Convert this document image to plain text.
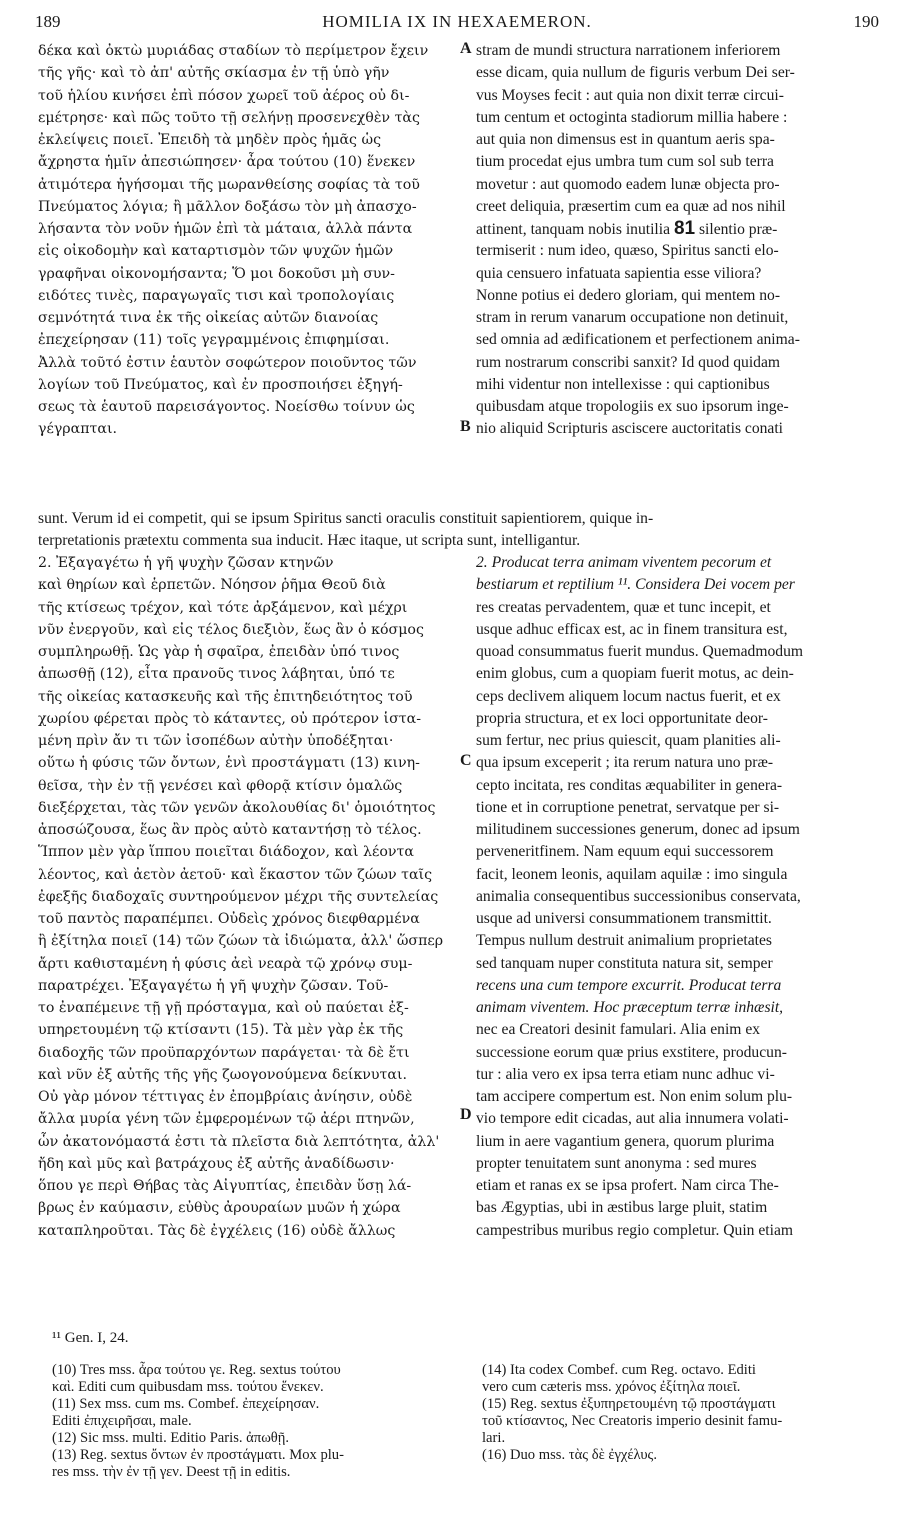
189	HOMILIA IX IN HEXAEMERON.	190
δέκα καὶ ὀκτὼ μυριάδας σταδίων τὸ περίμετρον ἔχειν
τῆς γῆς· καὶ τὸ ἀπ' αὐτῆς σκίασμα ἐν τῇ ὑπὸ γῆν
τοῦ ἡλίου κινήσει ἐπὶ πόσον χωρεῖ τοῦ ἀέρος οὐ δι-
εμέτρησε· καὶ πῶς τοῦτο τῇ σελήνῃ προσενεχθὲν τὰς
ἐκλείψεις ποιεῖ. Ἐπειδὴ τὰ μηδὲν πρὸς ἡμᾶς ὡς
ἄχρηστα ἡμῖν ἀπεσιώπησεν· ἆρα τούτου (10) ἕνεκεν
ἀτιμότερα ἡγήσομαι τῆς μωρανθείσης σοφίας τὰ τοῦ
Πνεύματος λόγια; ἢ μᾶλλον δοξάσω τὸν μὴ ἀπασχο-
λήσαντα τὸν νοῦν ἡμῶν ἐπὶ τὰ μάταια, ἀλλὰ πάντα
εἰς οἰκοδομὴν καὶ καταρτισμὸν τῶν ψυχῶν ἡμῶν
γραφῆναι οἰκονομήσαντα; Ὅ μοι δοκοῦσι μὴ συν-
ειδότες τινὲς, παραγωγαῖς τισι καὶ τροπολογίαις
σεμνότητά τινα ἐκ τῆς οἰκείας αὐτῶν διανοίας
ἐπεχείρησαν (11) τοῖς γεγραμμένοις ἐπιφημίσαι.
Ἀλλὰ τοῦτό ἐστιν ἑαυτὸν σοφώτερον ποιοῦντος τῶν
λογίων τοῦ Πνεύματος, καὶ ἐν προσποιήσει ἐξηγή-
σεως τὰ ἑαυτοῦ παρεισάγοντος. Νοείσθω τοίνυν ὡς
γέγραπται.
stram de mundi structura narrationem inferiorem
esse dicam, quia nullum de figuris verbum Dei ser-
vus Moyses fecit : aut quia non dixit terræ circui-
tum centum et octoginta stadiorum millia habere :
aut quia non dimensus est in quantum aeris spa-
tium procedat ejus umbra tum cum sol sub terra
movetur : aut quomodo eadem lunæ objecta pro-
creet deliquia, præsertim cum ea quæ ad nos nihil
attinent, tanquam nobis inutilia 81 silentio præ-
termiserit : num ideo, quæso, Spiritus sancti elo-
quia censuero infatuata sapientia esse viliora?
Nonne potius ei dedero gloriam, qui mentem no-
stram in rerum vanarum occupatione non detinuit,
sed omnia ad ædificationem et perfectionem anima-
rum nostrarum conscribi sanxit? Id quod quidam
mihi videntur non intellexisse : qui captionibus
quibusdam atque tropologiis ex suo ipsorum inge-
nio aliquid Scripturis asciscere auctoritatis conati
A
B
C
D
sunt. Verum id ei competit, qui se ipsum Spiritus sancti oraculis constituit sapientiorem, quique in-
terpretationis prætextu commenta sua inducit. Hæc itaque, ut scripta sunt, intelligantur.
2. Ἐξαγαγέτω ἡ γῆ ψυχὴν ζῶσαν κτηνῶν
καὶ θηρίων καὶ ἑρπετῶν. Νόησον ῥῆμα Θεοῦ διὰ
τῆς κτίσεως τρέχον, καὶ τότε ἀρξάμενον, καὶ μέχρι
νῦν ἐνεργοῦν, καὶ εἰς τέλος διεξιὸν, ἕως ἂν ὁ κόσμος
συμπληρωθῇ. Ὡς γὰρ ἡ σφαῖρα, ἐπειδὰν ὑπό τινος
ἀπωσθῇ (12), εἶτα πρανοῦς τινος λάβηται, ὑπό τε
τῆς οἰκείας κατασκευῆς καὶ τῆς ἐπιτηδειότητος τοῦ
χωρίου φέρεται πρὸς τὸ κάταντες, οὐ πρότερον ἱστα-
μένη πρὶν ἄν τι τῶν ἰσοπέδων αὐτὴν ὑποδέξηται·
οὕτω ἡ φύσις τῶν ὄντων, ἑνὶ προστάγματι (13) κινη-
θεῖσα, τὴν ἐν τῇ γενέσει καὶ φθορᾷ κτίσιν ὁμαλῶς
διεξέρχεται, τὰς τῶν γενῶν ἀκολουθίας δι' ὁμοιότητος
ἀποσώζουσα, ἕως ἂν πρὸς αὐτὸ καταντήσῃ τὸ τέλος.
Ἵππον μὲν γὰρ ἵππου ποιεῖται διάδοχον, καὶ λέοντα
λέοντος, καὶ ἀετὸν ἀετοῦ· καὶ ἕκαστον τῶν ζώων ταῖς
ἐφεξῆς διαδοχαῖς συντηρούμενον μέχρι τῆς συντελείας
τοῦ παντὸς παραπέμπει. Οὐδεὶς χρόνος διεφθαρμένα
ἢ ἐξίτηλα ποιεῖ (14) τῶν ζώων τὰ ἰδιώματα, ἀλλ' ὥσπερ
ἄρτι καθισταμένη ἡ φύσις ἀεὶ νεαρὰ τῷ χρόνῳ συμ-
παρατρέχει. Ἐξαγαγέτω ἡ γῆ ψυχὴν ζῶσαν. Τοῦ-
το ἐναπέμεινε τῇ γῇ πρόσταγμα, καὶ οὐ παύεται ἐξ-
υπηρετουμένη τῷ κτίσαντι (15). Τὰ μὲν γὰρ ἐκ τῆς
διαδοχῆς τῶν προϋπαρχόντων παράγεται· τὰ δὲ ἔτι
καὶ νῦν ἐξ αὐτῆς τῆς γῆς ζωογονούμενα δείκνυται.
Οὐ γὰρ μόνον τέττιγας ἐν ἐπομβρίαις ἀνίησιν, οὐδὲ
ἄλλα μυρία γένη τῶν ἐμφερομένων τῷ ἀέρι πτηνῶν,
ὧν ἀκατονόμαστά ἐστι τὰ πλεῖστα διὰ λεπτότητα, ἀλλ'
ἤδη καὶ μῦς καὶ βατράχους ἐξ αὐτῆς ἀναδίδωσιν·
ὅπου γε περὶ Θήβας τὰς Αἰγυπτίας, ἐπειδὰν ὕσῃ λά-
βρως ἐν καύμασιν, εὐθὺς ἀρουραίων μυῶν ἡ χώρα
καταπληροῦται. Τὰς δὲ ἐγχέλεις (16) οὐδὲ ἄλλως
2. Producat terra animam viventem pecorum et
bestiarum et reptilium ¹¹. Considera Dei vocem per
res creatas pervadentem, quæ et tunc incepit, et
usque adhuc efficax est, ac in finem transitura est,
quoad consummatus fuerit mundus. Quemadmodum
enim globus, cum a quopiam fuerit motus, ac dein-
ceps declivem aliquem locum nactus fuerit, et ex
propria structura, et ex loci opportunitate deor-
sum fertur, nec prius quiescit, quam planities ali-
qua ipsum exceperit ; ita rerum natura uno præ-
cepto incitata, res conditas æquabiliter in genera-
tione et in corruptione penetrat, servatque per si-
militudinem successiones generum, donec ad ipsum
perveneritfinem. Nam equum equi successorem
facit, leonem leonis, aquilam aquilæ : imo singula
animalia consequentibus successionibus conservata,
usque ad universi consummationem transmittit.
Tempus nullum destruit animalium proprietates
sed tanquam nuper constituta natura sit, semper
recens una cum tempore excurrit. Producat terra
animam viventem. Hoc præceptum terræ inhæsit,
nec ea Creatori desinit famulari. Alia enim ex
successione eorum quæ prius exstitere, producun-
tur : alia vero ex ipsa terra etiam nunc adhuc vi-
tam accipere compertum est. Non enim solum plu-
vio tempore edit cicadas, aut alia innumera volati-
lium in aere vagantium genera, quorum plurima
propter tenuitatem sunt anonyma : sed mures
etiam et ranas ex se ipsa profert. Nam circa The-
bas Ægyptias, ubi in æstibus large pluit, statim
campestribus muribus regio completur. Quin etiam
¹¹ Gen. I, 24.
(10) Tres mss. ἆρα τούτου γε. Reg. sextus τούτου
καὶ. Editi cum quibusdam mss. τούτου ἕνεκεν.
(11) Sex mss. cum ms. Combef. ἐπεχείρησαν.
Editi ἐπιχειρῆσαι, male.
(12) Sic mss. multi. Editio Paris. ἀπωθῇ.
(13) Reg. sextus ὄντων ἐν προστάγματι. Mox plu-
res mss. τὴν ἐν τῇ γεν. Deest τῇ in editis.
(14) Ita codex Combef. cum Reg. octavo. Editi
vero cum cæteris mss. χρόνος ἐξίτηλα ποιεῖ.
(15) Reg. sextus ἐξυπηρετουμένη τῷ προστάγματι
τοῦ κτίσαντος, Nec Creatoris imperio desinit famu-
lari.
(16) Duo mss. τὰς δὲ ἐγχέλυς.
